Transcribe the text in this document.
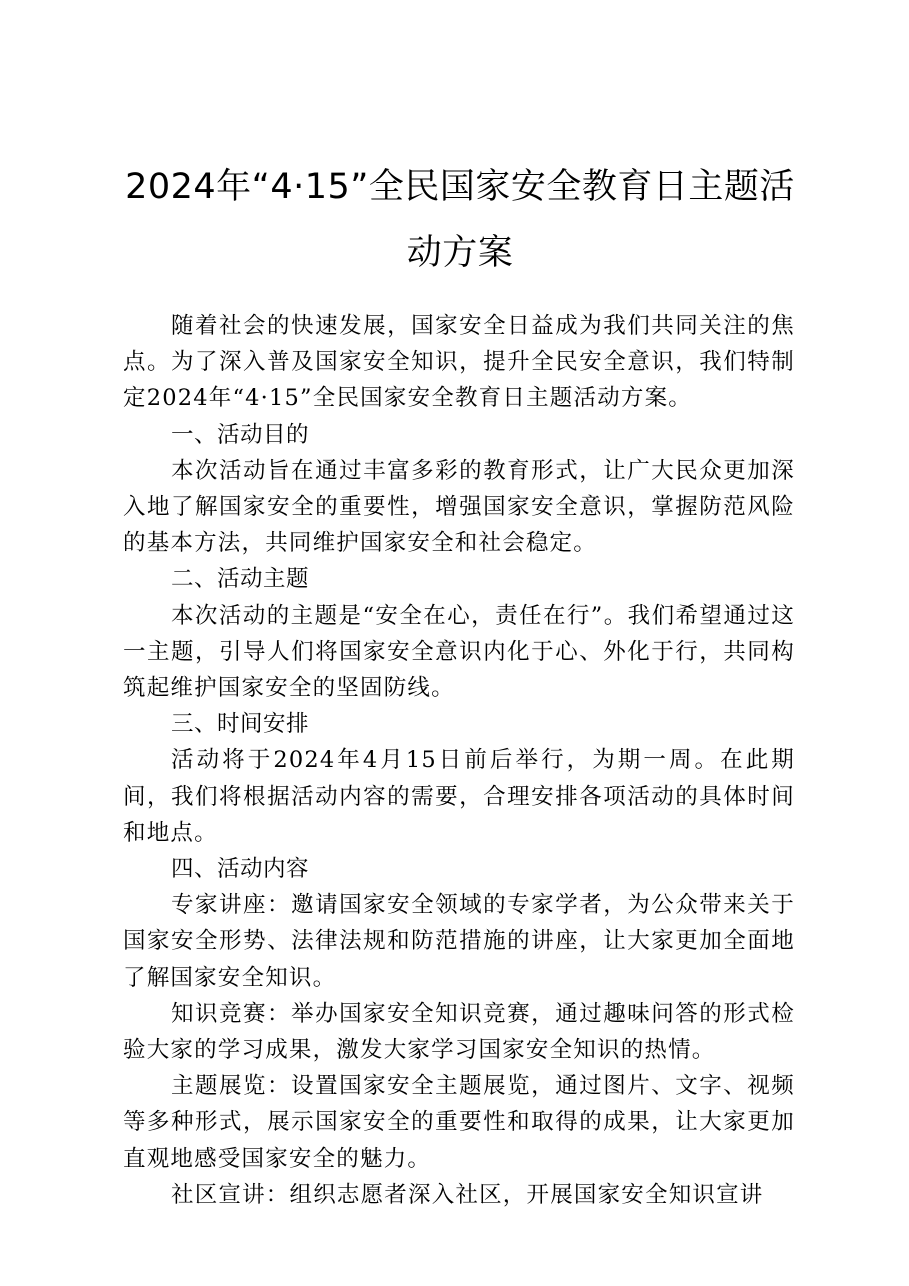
2024年“4·15”全民国家安全教育日主题活动方案

随着社会的快速发展，国家安全日益成为我们共同关注的焦点。为了深入普及国家安全知识，提升全民安全意识，我们特制定2024年“4·15”全民国家安全教育日主题活动方案。

一、活动目的

本次活动旨在通过丰富多彩的教育形式，让广大民众更加深入地了解国家安全的重要性，增强国家安全意识，掌握防范风险的基本方法，共同维护国家安全和社会稳定。

二、活动主题

本次活动的主题是“安全在心，责任在行”。我们希望通过这一主题，引导人们将国家安全意识内化于心、外化于行，共同构筑起维护国家安全的坚固防线。

三、时间安排

活动将于2024年4月15日前后举行，为期一周。在此期间，我们将根据活动内容的需要，合理安排各项活动的具体时间和地点。

四、活动内容

专家讲座：邀请国家安全领域的专家学者，为公众带来关于国家安全形势、法律法规和防范措施的讲座，让大家更加全面地了解国家安全知识。

知识竞赛：举办国家安全知识竞赛，通过趣味问答的形式检验大家的学习成果，激发大家学习国家安全知识的热情。

主题展览：设置国家安全主题展览，通过图片、文字、视频等多种形式，展示国家安全的重要性和取得的成果，让大家更加直观地感受国家安全的魅力。

社区宣讲：组织志愿者深入社区，开展国家安全知识宣讲
